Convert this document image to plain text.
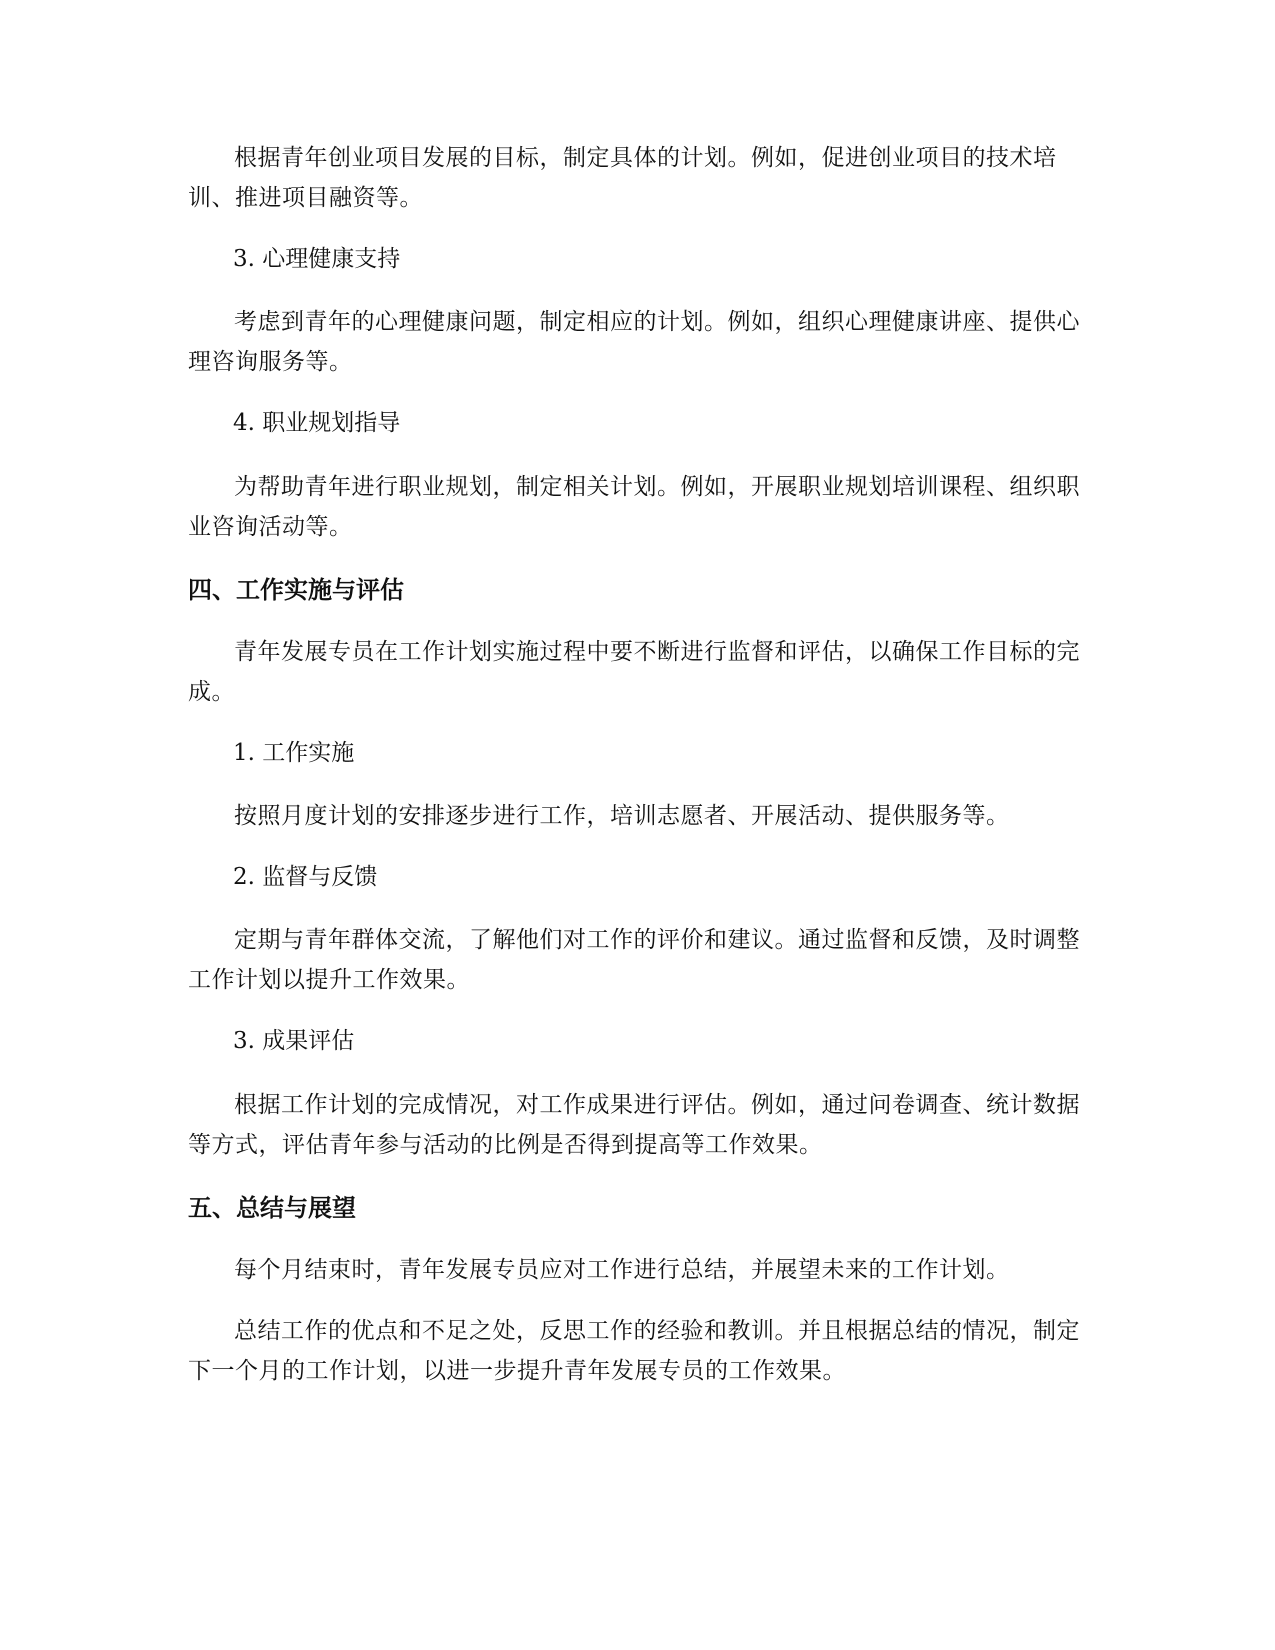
根据青年创业项目发展的目标，制定具体的计划。例如，促进创业项目的技术培训、推进项目融资等。
3. 心理健康支持
考虑到青年的心理健康问题，制定相应的计划。例如，组织心理健康讲座、提供心理咨询服务等。
4. 职业规划指导
为帮助青年进行职业规划，制定相关计划。例如，开展职业规划培训课程、组织职业咨询活动等。
四、工作实施与评估
青年发展专员在工作计划实施过程中要不断进行监督和评估，以确保工作目标的完成。
1. 工作实施
按照月度计划的安排逐步进行工作，培训志愿者、开展活动、提供服务等。
2. 监督与反馈
定期与青年群体交流，了解他们对工作的评价和建议。通过监督和反馈，及时调整工作计划以提升工作效果。
3. 成果评估
根据工作计划的完成情况，对工作成果进行评估。例如，通过问卷调查、统计数据等方式，评估青年参与活动的比例是否得到提高等工作效果。
五、总结与展望
每个月结束时，青年发展专员应对工作进行总结，并展望未来的工作计划。
总结工作的优点和不足之处，反思工作的经验和教训。并且根据总结的情况，制定下一个月的工作计划，以进一步提升青年发展专员的工作效果。
